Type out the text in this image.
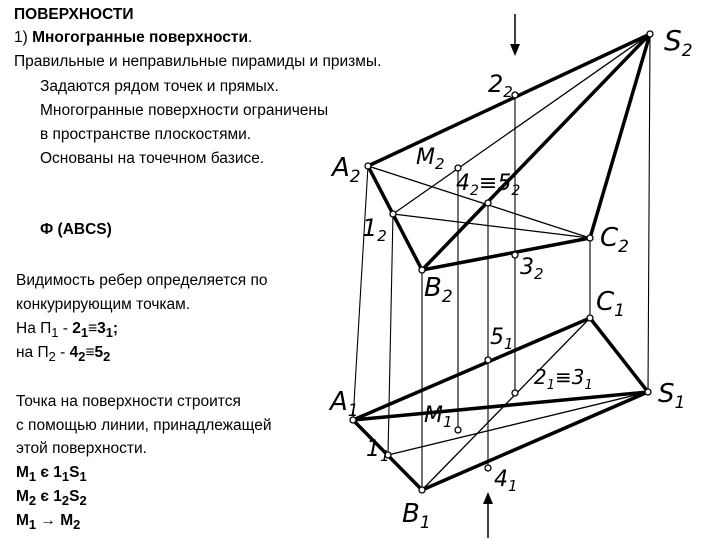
ПОВЕРХНОСТИ
1) Многогранные поверхности.
Правильные и неправильные пирамиды и призмы.
Задаются рядом точек и прямых.
Многогранные поверхности ограничены
в пространстве плоскостями.
Основаны на точечном базисе.
Ф (ABCS)
Видимость ребер определяется по
конкурирующим точкам.
На $П_1 - 2_1\equiv 3_1$;
на $П_2 - 4_2\equiv 5_2$
Точка на поверхности строится
с помощью линии, принадлежащей
этой поверхности.
$M_1$ є $1_1S_1$
$M_2$ є $1_2S_2$
$M_1 \to M_2$
$S_2$
$2_2$
$A_2$
$M_2$
$4_2\equiv 5_2$
$1_2$	$C_2$
$3_2$
$B_2$	$C_1$
$5_1$
$2_1\equiv 3_1$
$A_1$
$S_1$
$M_1$
$1_1$
$4_1$
$B_1$
